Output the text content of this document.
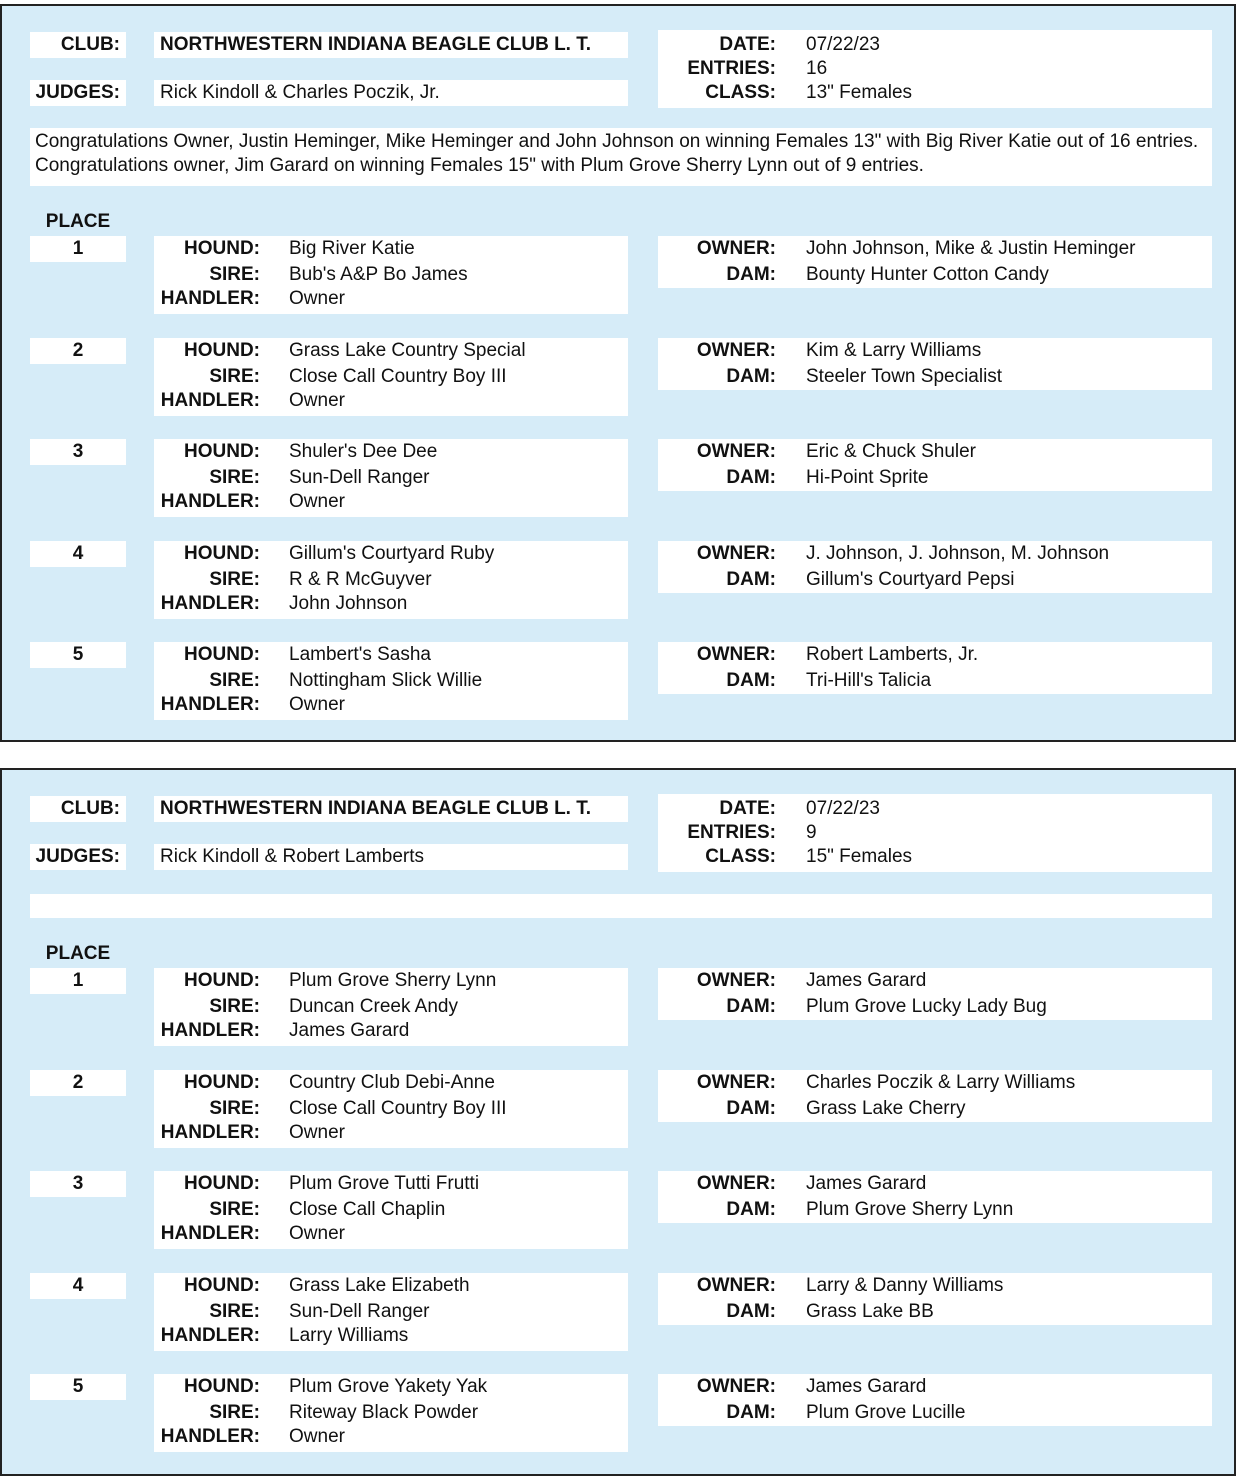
CLUB: NORTHWESTERN INDIANA BEAGLE CLUB L. T.
JUDGES: Rick Kindoll & Charles Poczik, Jr.
DATE: 07/22/23
ENTRIES: 16
CLASS: 13" Females
Congratulations Owner, Justin Heminger, Mike Heminger and John Johnson on winning Females 13" with Big River Katie out of 16 entries. Congratulations owner, Jim Garard on winning Females 15" with Plum Grove Sherry Lynn out of 9 entries.
PLACE
1	HOUND: Big River Katie
SIRE: Bub's A&P Bo James
HANDLER: Owner
OWNER: John Johnson, Mike & Justin Heminger
DAM: Bounty Hunter Cotton Candy
2	HOUND: Grass Lake Country Special
SIRE: Close Call Country Boy III
HANDLER: Owner
OWNER: Kim & Larry Williams
DAM: Steeler Town Specialist
3	HOUND: Shuler's Dee Dee
SIRE: Sun-Dell Ranger
HANDLER: Owner
OWNER: Eric & Chuck Shuler
DAM: Hi-Point Sprite
4	HOUND: Gillum's Courtyard Ruby
SIRE: R & R McGuyver
HANDLER: John Johnson
OWNER: J. Johnson, J. Johnson, M. Johnson
DAM: Gillum's Courtyard Pepsi
5	HOUND: Lambert's Sasha
SIRE: Nottingham Slick Willie
HANDLER: Owner
OWNER: Robert Lamberts, Jr.
DAM: Tri-Hill's Talicia
CLUB: NORTHWESTERN INDIANA BEAGLE CLUB L. T.
JUDGES: Rick Kindoll & Robert Lamberts
DATE: 07/22/23
ENTRIES: 9
CLASS: 15" Females
PLACE
1	HOUND: Plum Grove Sherry Lynn
SIRE: Duncan Creek Andy
HANDLER: James Garard
OWNER: James Garard
DAM: Plum Grove Lucky Lady Bug
2	HOUND: Country Club Debi-Anne
SIRE: Close Call Country Boy III
HANDLER: Owner
OWNER: Charles Poczik & Larry Williams
DAM: Grass Lake Cherry
3	HOUND: Plum Grove Tutti Frutti
SIRE: Close Call Chaplin
HANDLER: Owner
OWNER: James Garard
DAM: Plum Grove Sherry Lynn
4	HOUND: Grass Lake Elizabeth
SIRE: Sun-Dell Ranger
HANDLER: Larry Williams
OWNER: Larry & Danny Williams
DAM: Grass Lake BB
5	HOUND: Plum Grove Yakety Yak
SIRE: Riteway Black Powder
HANDLER: Owner
OWNER: James Garard
DAM: Plum Grove Lucille
